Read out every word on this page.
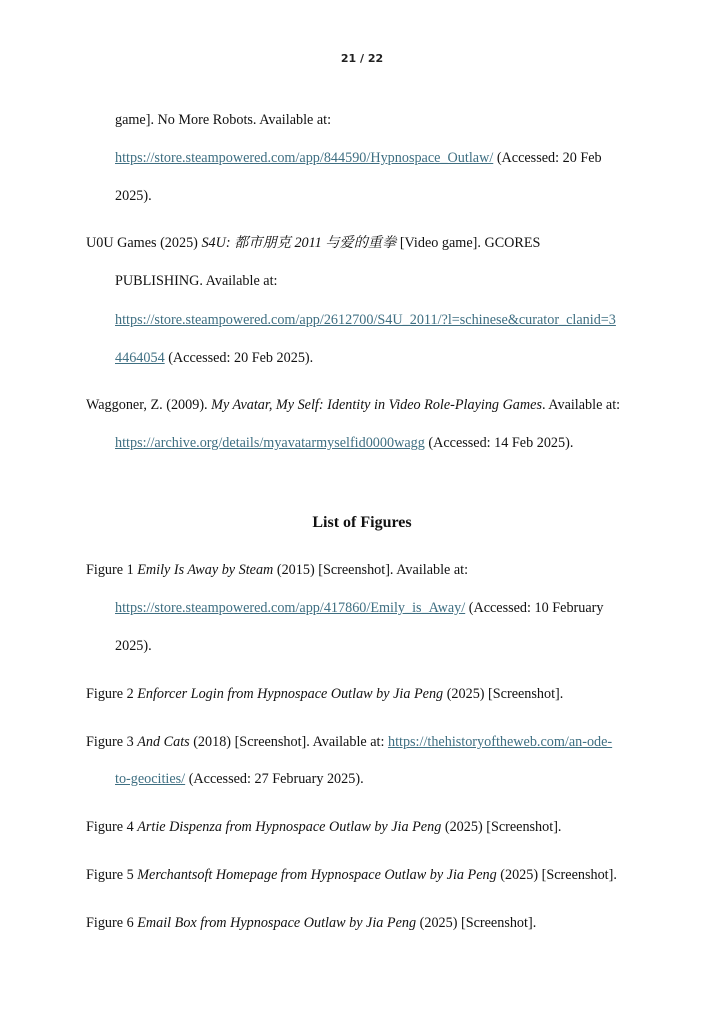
21 / 22
game]. No More Robots. Available at:
https://store.steampowered.com/app/844590/Hypnospace_Outlaw/ (Accessed: 20 Feb
2025).
U0U Games (2025) S4U: 都市朋克 2011 与爱的重拳 [Video game]. GCORES
PUBLISHING. Available at:
https://store.steampowered.com/app/2612700/S4U_2011/?l=schinese&curator_clanid=3
4464054 (Accessed: 20 Feb 2025).
Waggoner, Z. (2009). My Avatar, My Self: Identity in Video Role-Playing Games. Available at:
https://archive.org/details/myavatarmyselfid0000wagg (Accessed: 14 Feb 2025).
List of Figures
Figure 1 Emily Is Away by Steam (2015) [Screenshot]. Available at:
https://store.steampowered.com/app/417860/Emily_is_Away/ (Accessed: 10 February
2025).
Figure 2 Enforcer Login from Hypnospace Outlaw by Jia Peng (2025) [Screenshot].
Figure 3 And Cats (2018) [Screenshot]. Available at: https://thehistoryoftheweb.com/an-ode-
to-geocities/ (Accessed: 27 February 2025).
Figure 4 Artie Dispenza from Hypnospace Outlaw by Jia Peng (2025) [Screenshot].
Figure 5 Merchantsoft Homepage from Hypnospace Outlaw by Jia Peng (2025) [Screenshot].
Figure 6 Email Box from Hypnospace Outlaw by Jia Peng (2025) [Screenshot].
